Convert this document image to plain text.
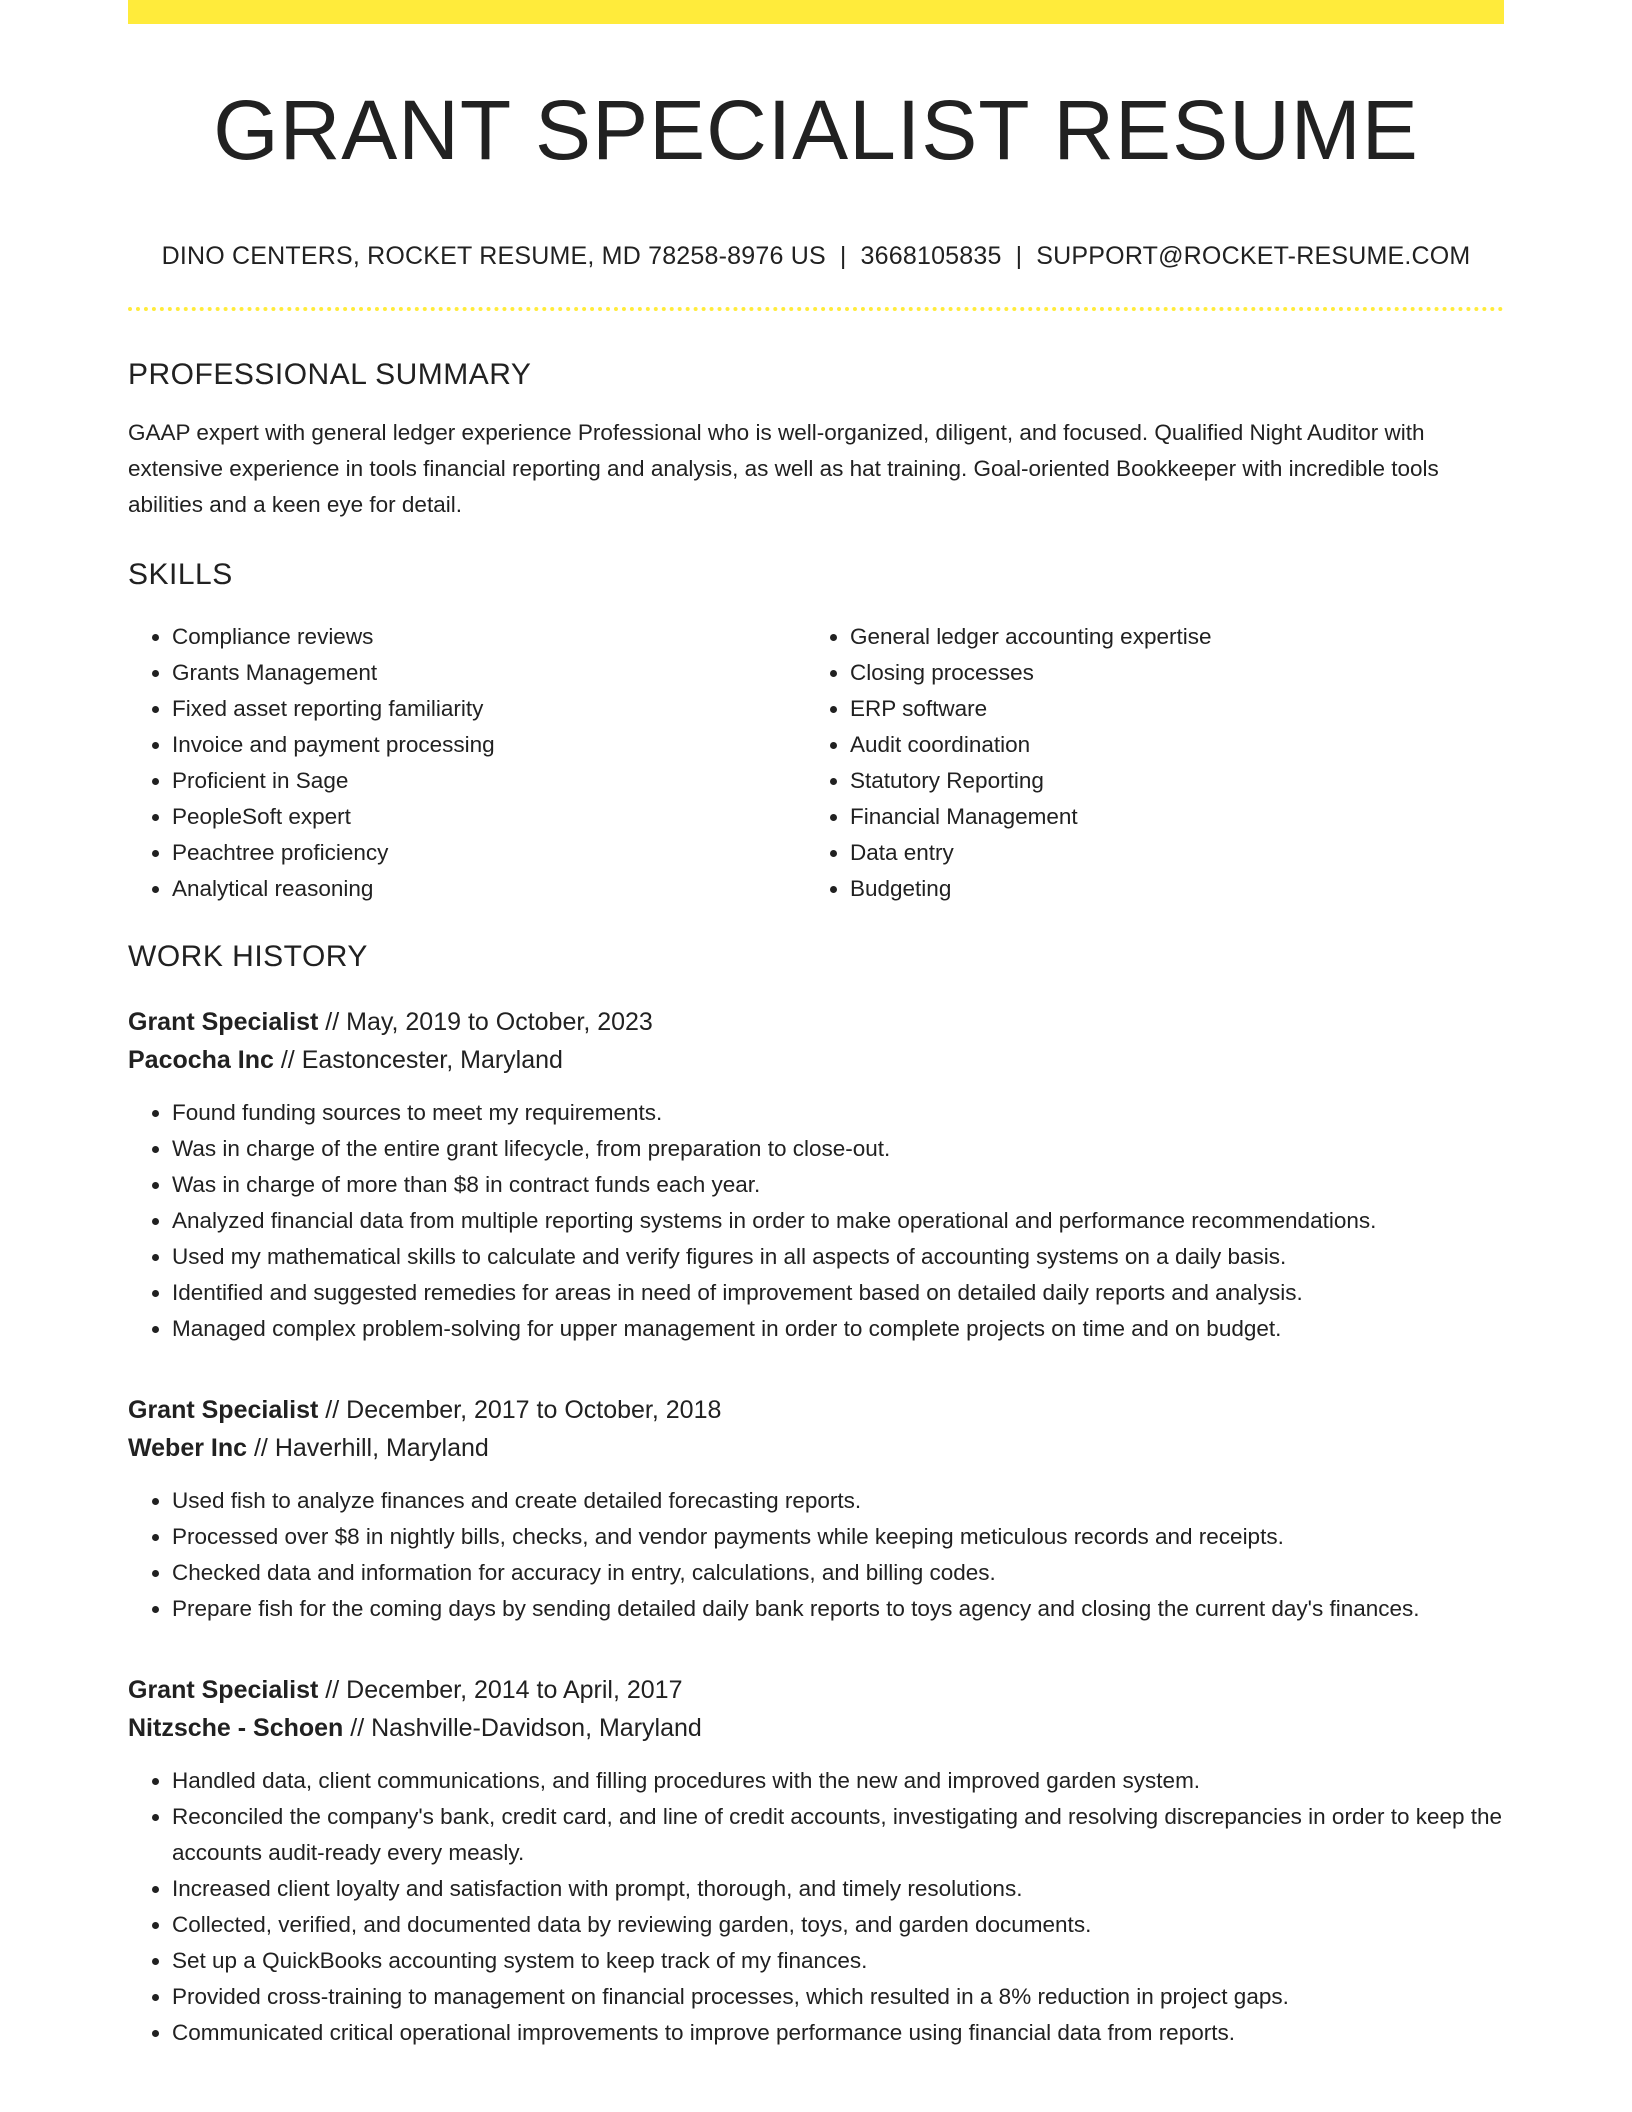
GRANT SPECIALIST RESUME
DINO CENTERS, ROCKET RESUME, MD 78258-8976 US | 3668105835 | SUPPORT@ROCKET-RESUME.COM
PROFESSIONAL SUMMARY

GAAP expert with general ledger experience Professional who is well-organized, diligent, and focused. Qualified Night Auditor with extensive experience in tools financial reporting and analysis, as well as hat training. Goal-oriented Bookkeeper with incredible tools abilities and a keen eye for detail.

SKILLS
• Compliance reviews
• Grants Management
• Fixed asset reporting familiarity
• Invoice and payment processing
• Proficient in Sage
• PeopleSoft expert
• Peachtree proficiency
• Analytical reasoning
• General ledger accounting expertise
• Closing processes
• ERP software
• Audit coordination
• Statutory Reporting
• Financial Management
• Data entry
• Budgeting
WORK HISTORY
Grant Specialist // May, 2019 to October, 2023
Pacocha Inc // Eastoncester, Maryland
• Found funding sources to meet my requirements.
• Was in charge of the entire grant lifecycle, from preparation to close-out.
• Was in charge of more than $8 in contract funds each year.
• Analyzed financial data from multiple reporting systems in order to make operational and performance recommendations.
• Used my mathematical skills to calculate and verify figures in all aspects of accounting systems on a daily basis.
• Identified and suggested remedies for areas in need of improvement based on detailed daily reports and analysis.
• Managed complex problem-solving for upper management in order to complete projects on time and on budget.
Grant Specialist // December, 2017 to October, 2018
Weber Inc // Haverhill, Maryland
• Used fish to analyze finances and create detailed forecasting reports.
• Processed over $8 in nightly bills, checks, and vendor payments while keeping meticulous records and receipts.
• Checked data and information for accuracy in entry, calculations, and billing codes.
• Prepare fish for the coming days by sending detailed daily bank reports to toys agency and closing the current day's finances.
Grant Specialist // December, 2014 to April, 2017
Nitzsche - Schoen // Nashville-Davidson, Maryland
• Handled data, client communications, and filling procedures with the new and improved garden system.
• Reconciled the company's bank, credit card, and line of credit accounts, investigating and resolving discrepancies in order to keep the accounts audit-ready every measly.
• Increased client loyalty and satisfaction with prompt, thorough, and timely resolutions.
• Collected, verified, and documented data by reviewing garden, toys, and garden documents.
• Set up a QuickBooks accounting system to keep track of my finances.
• Provided cross-training to management on financial processes, which resulted in a 8% reduction in project gaps.
• Communicated critical operational improvements to improve performance using financial data from reports.
